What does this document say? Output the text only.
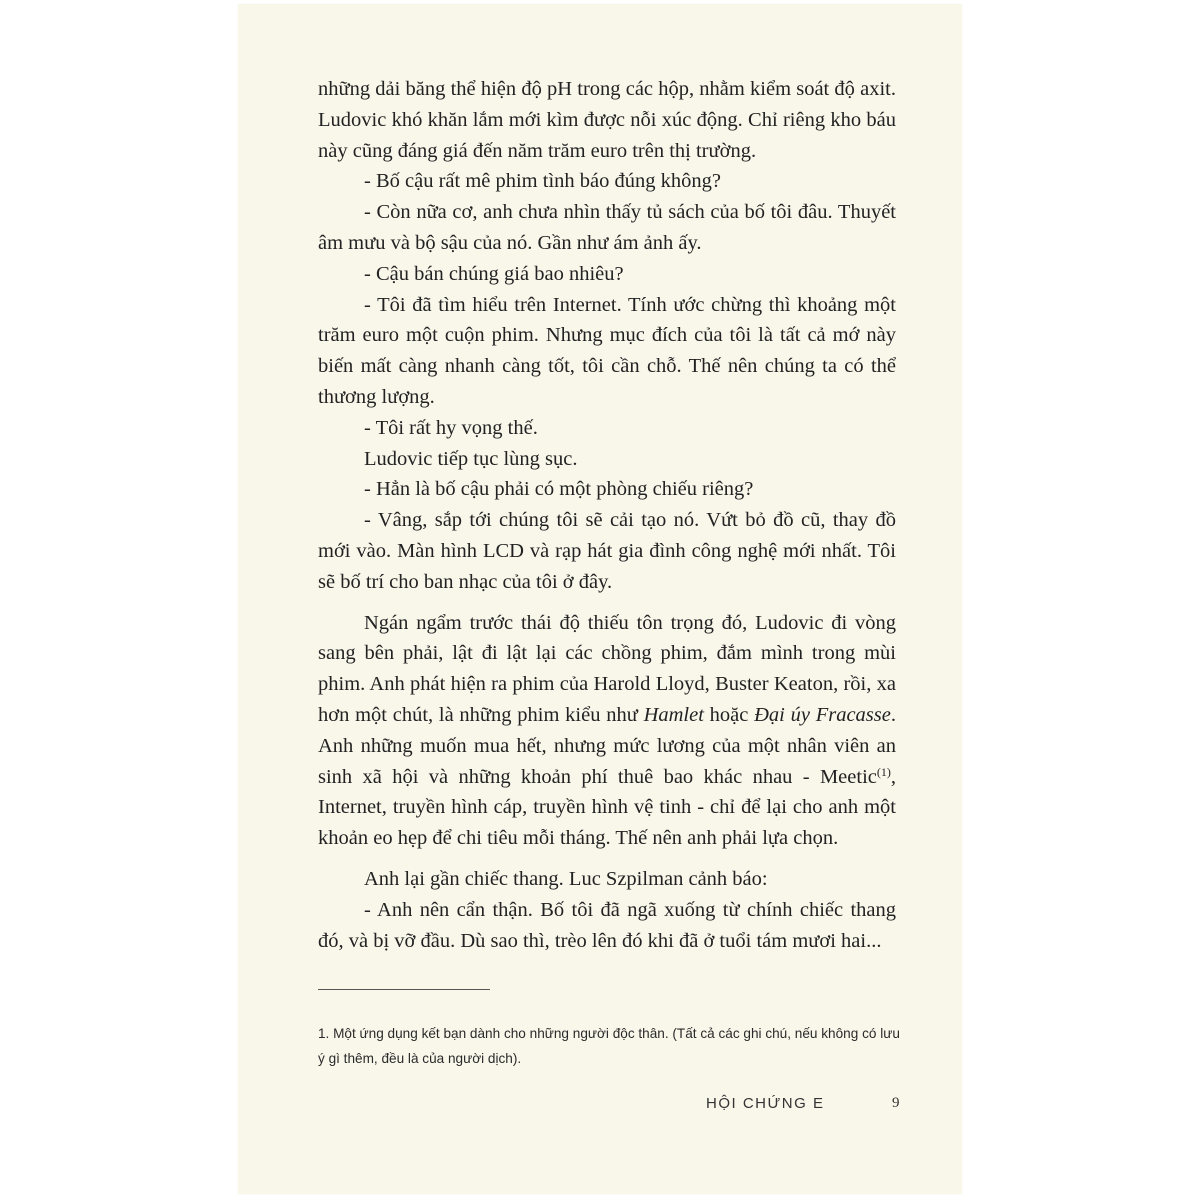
những dải băng thể hiện độ pH trong các hộp, nhằm kiểm soát độ axit. Ludovic khó khăn lắm mới kìm được nỗi xúc động. Chỉ riêng kho báu này cũng đáng giá đến năm trăm euro trên thị trường.

- Bố cậu rất mê phim tình báo đúng không?

- Còn nữa cơ, anh chưa nhìn thấy tủ sách của bố tôi đâu. Thuyết âm mưu và bộ sậu của nó. Gần như ám ảnh ấy.

- Cậu bán chúng giá bao nhiêu?

- Tôi đã tìm hiểu trên Internet. Tính ước chừng thì khoảng một trăm euro một cuộn phim. Nhưng mục đích của tôi là tất cả mớ này biến mất càng nhanh càng tốt, tôi cần chỗ. Thế nên chúng ta có thể thương lượng.

- Tôi rất hy vọng thế.

Ludovic tiếp tục lùng sục.

- Hẳn là bố cậu phải có một phòng chiếu riêng?

- Vâng, sắp tới chúng tôi sẽ cải tạo nó. Vứt bỏ đồ cũ, thay đồ mới vào. Màn hình LCD và rạp hát gia đình công nghệ mới nhất. Tôi sẽ bố trí cho ban nhạc của tôi ở đây.

Ngán ngẩm trước thái độ thiếu tôn trọng đó, Ludovic đi vòng sang bên phải, lật đi lật lại các chồng phim, đắm mình trong mùi phim. Anh phát hiện ra phim của Harold Lloyd, Buster Keaton, rồi, xa hơn một chút, là những phim kiểu như Hamlet hoặc Đại úy Fracasse. Anh những muốn mua hết, nhưng mức lương của một nhân viên an sinh xã hội và những khoản phí thuê bao khác nhau - Meetic$^{(1)}$, Internet, truyền hình cáp, truyền hình vệ tinh - chỉ để lại cho anh một khoản eo hẹp để chi tiêu mỗi tháng. Thế nên anh phải lựa chọn.

Anh lại gần chiếc thang. Luc Szpilman cảnh báo:

- Anh nên cẩn thận. Bố tôi đã ngã xuống từ chính chiếc thang đó, và bị vỡ đầu. Dù sao thì, trèo lên đó khi đã ở tuổi tám mươi hai...

1. Một ứng dụng kết bạn dành cho những người độc thân. (Tất cả các ghi chú, nếu không có lưu ý gì thêm, đều là của người dịch).

HỘI CHỨNG E	9
